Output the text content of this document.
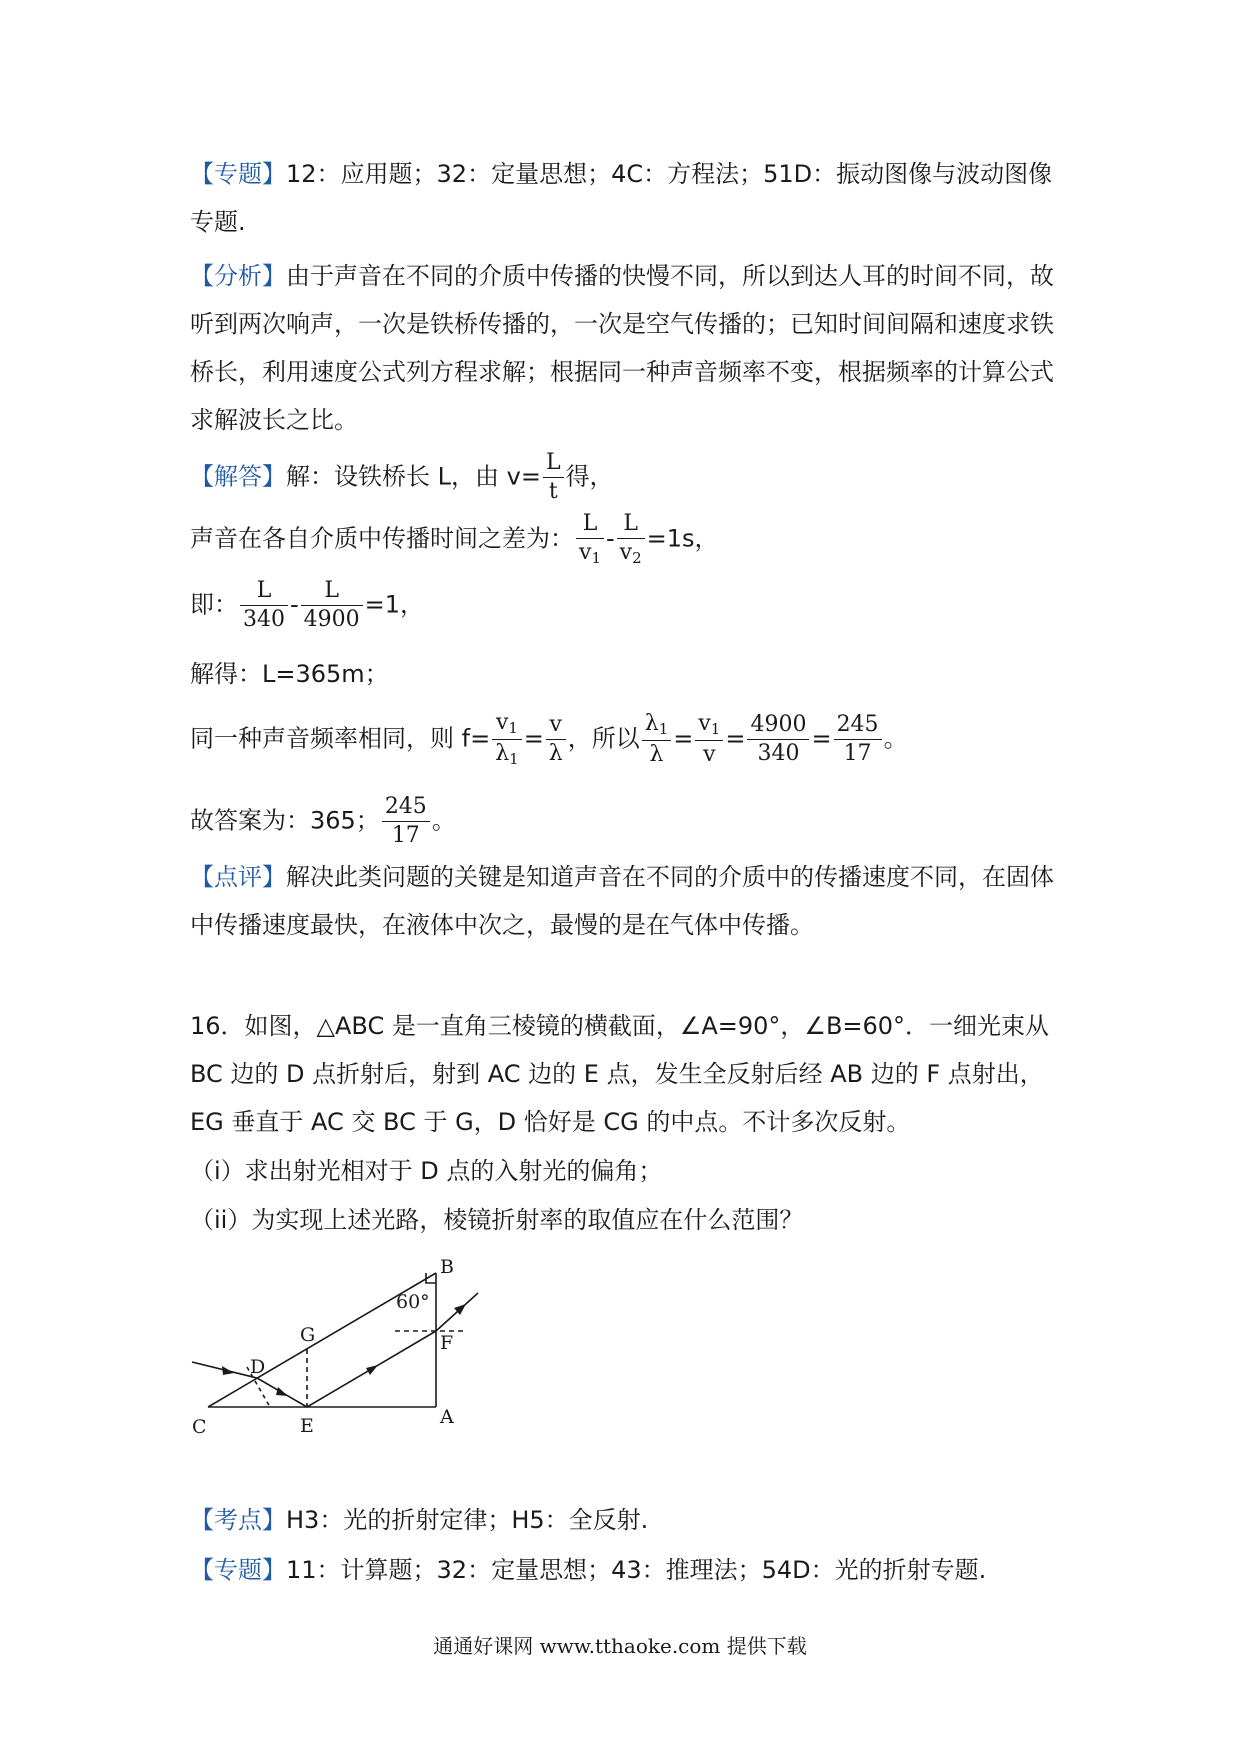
【专题】12：应用题；32：定量思想；4C：方程法；51D：振动图像与波动图像专题.
【分析】由于声音在不同的介质中传播的快慢不同，所以到达人耳的时间不同，故听到两次响声，一次是铁桥传播的，一次是空气传播的；已知时间间隔和速度求铁桥长，利用速度公式列方程求解；根据同一种声音频率不变，根据频率的计算公式求解波长之比。
【解答】解：设铁桥长 L，由 $v= \frac{L}{t}$ 得，
声音在各自介质中传播时间之差为： $\frac{L}{v_1} - \frac{L}{v_2} =1s$，
即： $\frac{L}{340} - \frac{L}{4900} =1$，
解得：L=365m；
同一种声音频率相同，则 $f= \frac{v_1}{\lambda_1} = \frac{v}{\lambda}$ ，所以 $\frac{\lambda_1}{\lambda} = \frac{v_1}{v} = \frac{4900}{340} = \frac{245}{17}$ 。
故答案为：365； $\frac{245}{17}$ 。
【点评】解决此类问题的关键是知道声音在不同的介质中的传播速度不同，在固体中传播速度最快，在液体中次之，最慢的是在气体中传播。
16．如图，△ABC 是一直角三棱镜的横截面，∠A=90°，∠B=60°．一细光束从 BC 边的 D 点折射后，射到 AC 边的 E 点，发生全反射后经 AB 边的 F 点射出，EG 垂直于 AC 交 BC 于 G，D 恰好是 CG 的中点。不计多次反射。
（i）求出射光相对于 D 点的入射光的偏角；
（ii）为实现上述光路，棱镜折射率的取值应在什么范围？
B
A
C
D
E
F
G
60°
【考点】H3：光的折射定律；H5：全反射.
【专题】11：计算题；32：定量思想；43：推理法；54D：光的折射专题.
通通好课网 www.tthaoke.com 提供下载
